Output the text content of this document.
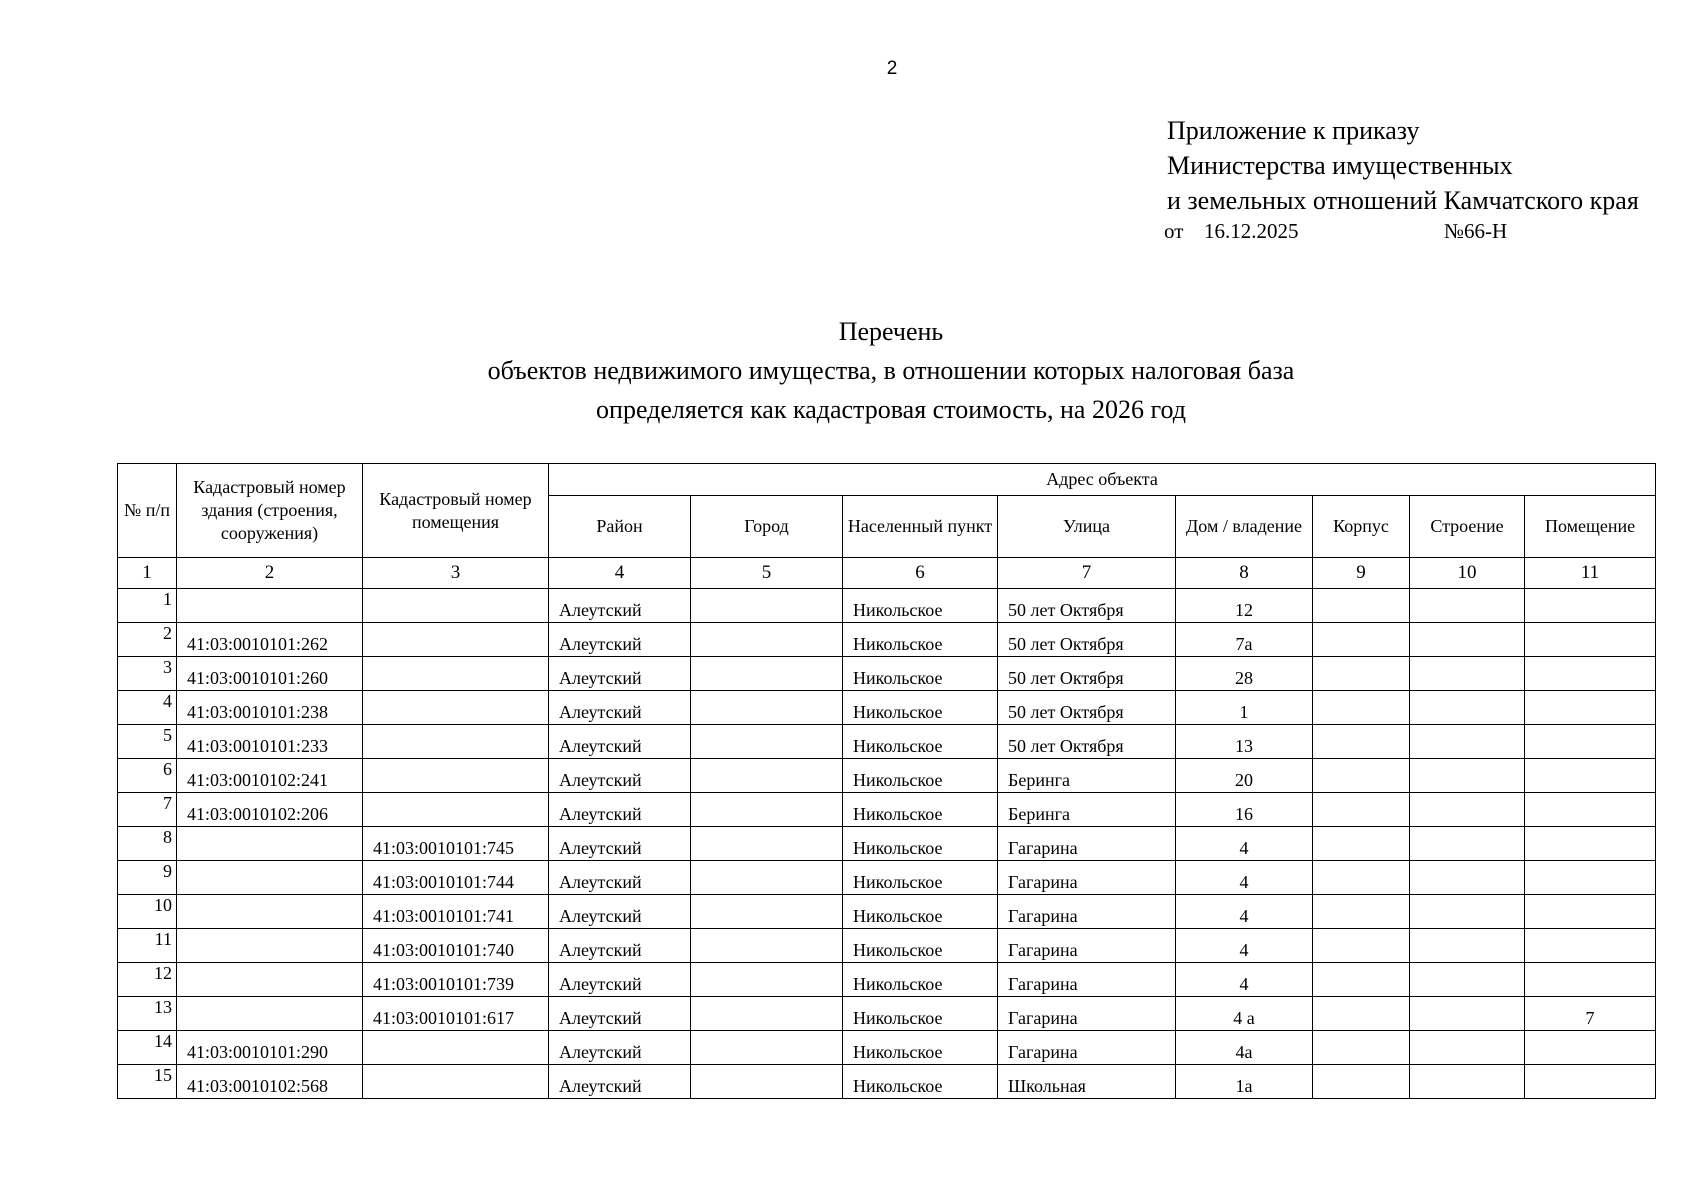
2
Приложение к приказу
Министерства имущественных
и земельных отношений Камчатского края
от 16.12.2025	№66-Н
Перечень
объектов недвижимого имущества, в отношении которых налоговая база
определяется как кадастровая стоимость, на 2026 год
№ п/п	Кадастровый номер здания (строения, сооружения)	Кадастровый номер помещения	Адрес объекта							
			Район	Город	Населенный пункт	Улица	Дом / владение	Корпус	Строение	Помещение
1	2	3	4	5	6	7	8	9	10	11
1			Алеутский		Никольское	50 лет Октября	12			
2	41:03:0010101:262		Алеутский		Никольское	50 лет Октября	7а			
3	41:03:0010101:260		Алеутский		Никольское	50 лет Октября	28			
4	41:03:0010101:238		Алеутский		Никольское	50 лет Октября	1			
5	41:03:0010101:233		Алеутский		Никольское	50 лет Октября	13			
6	41:03:0010102:241		Алеутский		Никольское	Беринга	20			
7	41:03:0010102:206		Алеутский		Никольское	Беринга	16			
8		41:03:0010101:745	Алеутский		Никольское	Гагарина	4			
9		41:03:0010101:744	Алеутский		Никольское	Гагарина	4			
10		41:03:0010101:741	Алеутский		Никольское	Гагарина	4			
11		41:03:0010101:740	Алеутский		Никольское	Гагарина	4			
12		41:03:0010101:739	Алеутский		Никольское	Гагарина	4			
13		41:03:0010101:617	Алеутский		Никольское	Гагарина	4 а			7
14	41:03:0010101:290		Алеутский		Никольское	Гагарина	4а			
15	41:03:0010102:568		Алеутский		Никольское	Школьная	1а			
